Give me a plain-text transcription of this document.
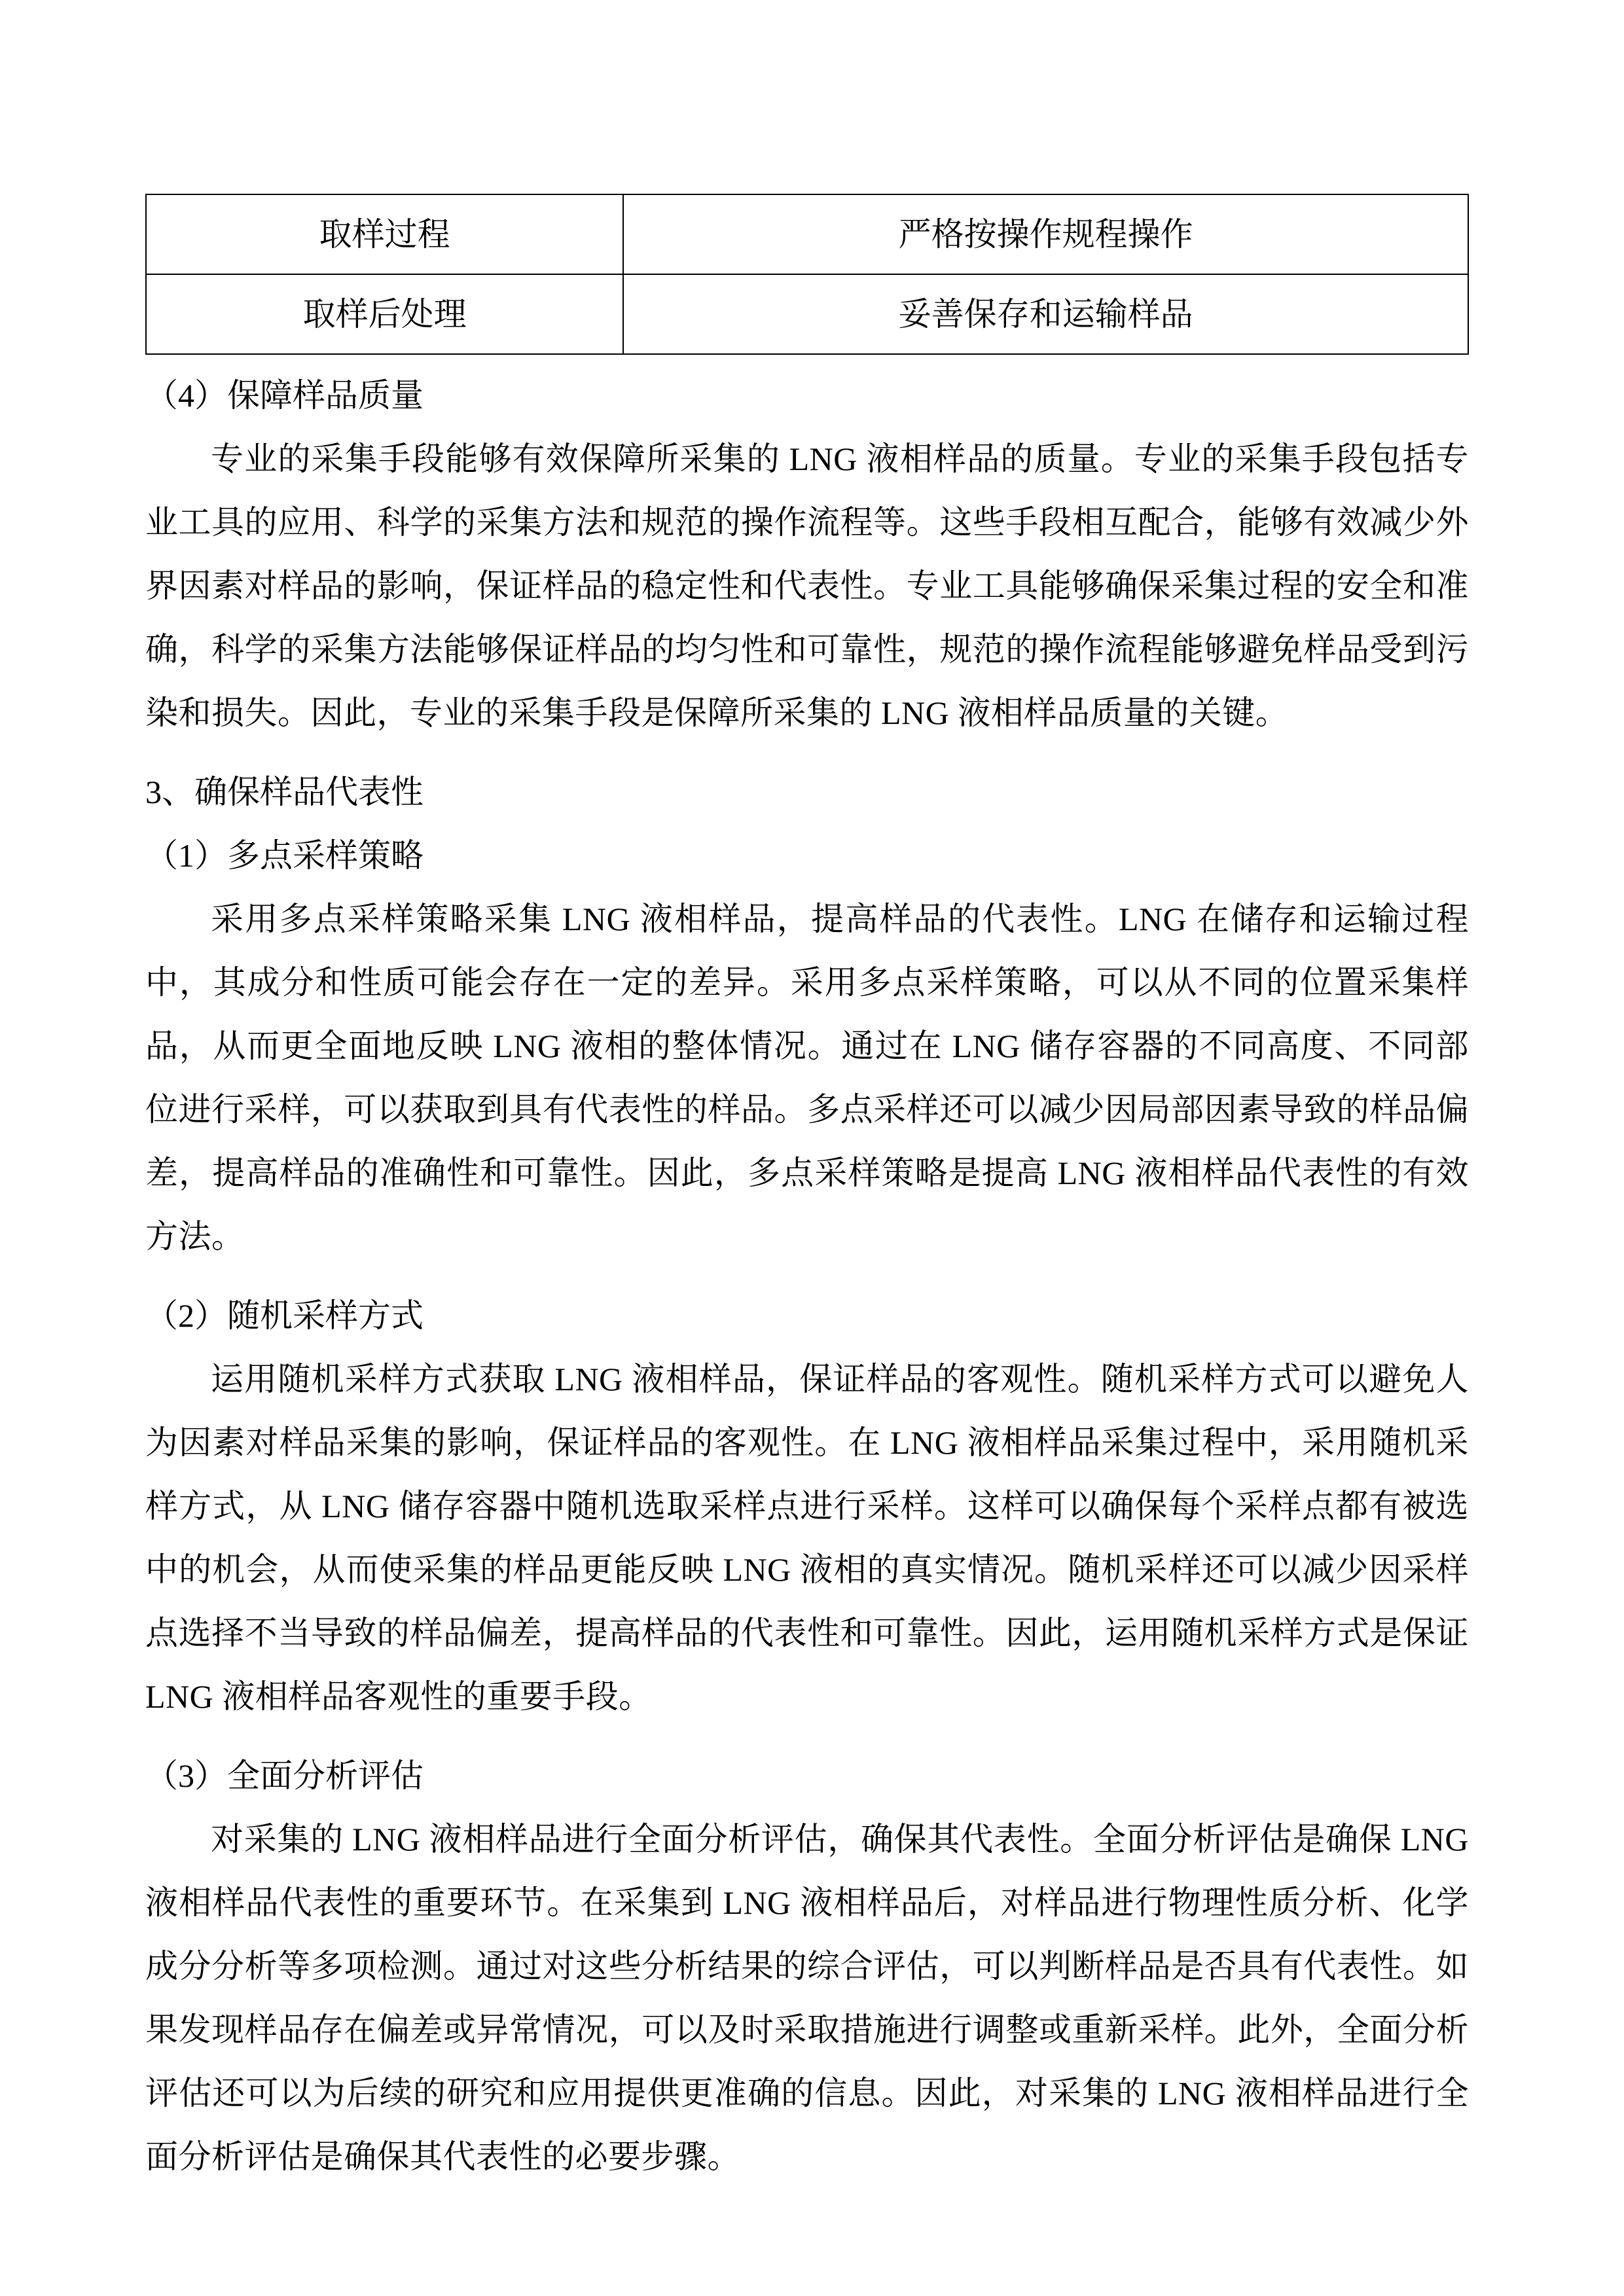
取样过程	严格按操作规程操作
取样后处理	妥善保存和运输样品
（4）保障样品质量

专业的采集手段能够有效保障所采集的 LNG 液相样品的质量。专业的采集手段包括专业工具的应用、科学的采集方法和规范的操作流程等。这些手段相互配合，能够有效减少外界因素对样品的影响，保证样品的稳定性和代表性。专业工具能够确保采集过程的安全和准确，科学的采集方法能够保证样品的均匀性和可靠性，规范的操作流程能够避免样品受到污染和损失。因此，专业的采集手段是保障所采集的 LNG 液相样品质量的关键。

3、确保样品代表性
（1）多点采样策略

采用多点采样策略采集 LNG 液相样品，提高样品的代表性。LNG 在储存和运输过程中，其成分和性质可能会存在一定的差异。采用多点采样策略，可以从不同的位置采集样品，从而更全面地反映 LNG 液相的整体情况。通过在 LNG 储存容器的不同高度、不同部位进行采样，可以获取到具有代表性的样品。多点采样还可以减少因局部因素导致的样品偏差，提高样品的准确性和可靠性。因此，多点采样策略是提高 LNG 液相样品代表性的有效方法。

（2）随机采样方式

运用随机采样方式获取 LNG 液相样品，保证样品的客观性。随机采样方式可以避免人为因素对样品采集的影响，保证样品的客观性。在 LNG 液相样品采集过程中，采用随机采样方式，从 LNG 储存容器中随机选取采样点进行采样。这样可以确保每个采样点都有被选中的机会，从而使采集的样品更能反映 LNG 液相的真实情况。随机采样还可以减少因采样点选择不当导致的样品偏差，提高样品的代表性和可靠性。因此，运用随机采样方式是保证 LNG 液相样品客观性的重要手段。

（3）全面分析评估

对采集的 LNG 液相样品进行全面分析评估，确保其代表性。全面分析评估是确保 LNG 液相样品代表性的重要环节。在采集到 LNG 液相样品后，对样品进行物理性质分析、化学成分分析等多项检测。通过对这些分析结果的综合评估，可以判断样品是否具有代表性。如果发现样品存在偏差或异常情况，可以及时采取措施进行调整或重新采样。此外，全面分析评估还可以为后续的研究和应用提供更准确的信息。因此，对采集的 LNG 液相样品进行全面分析评估是确保其代表性的必要步骤。
